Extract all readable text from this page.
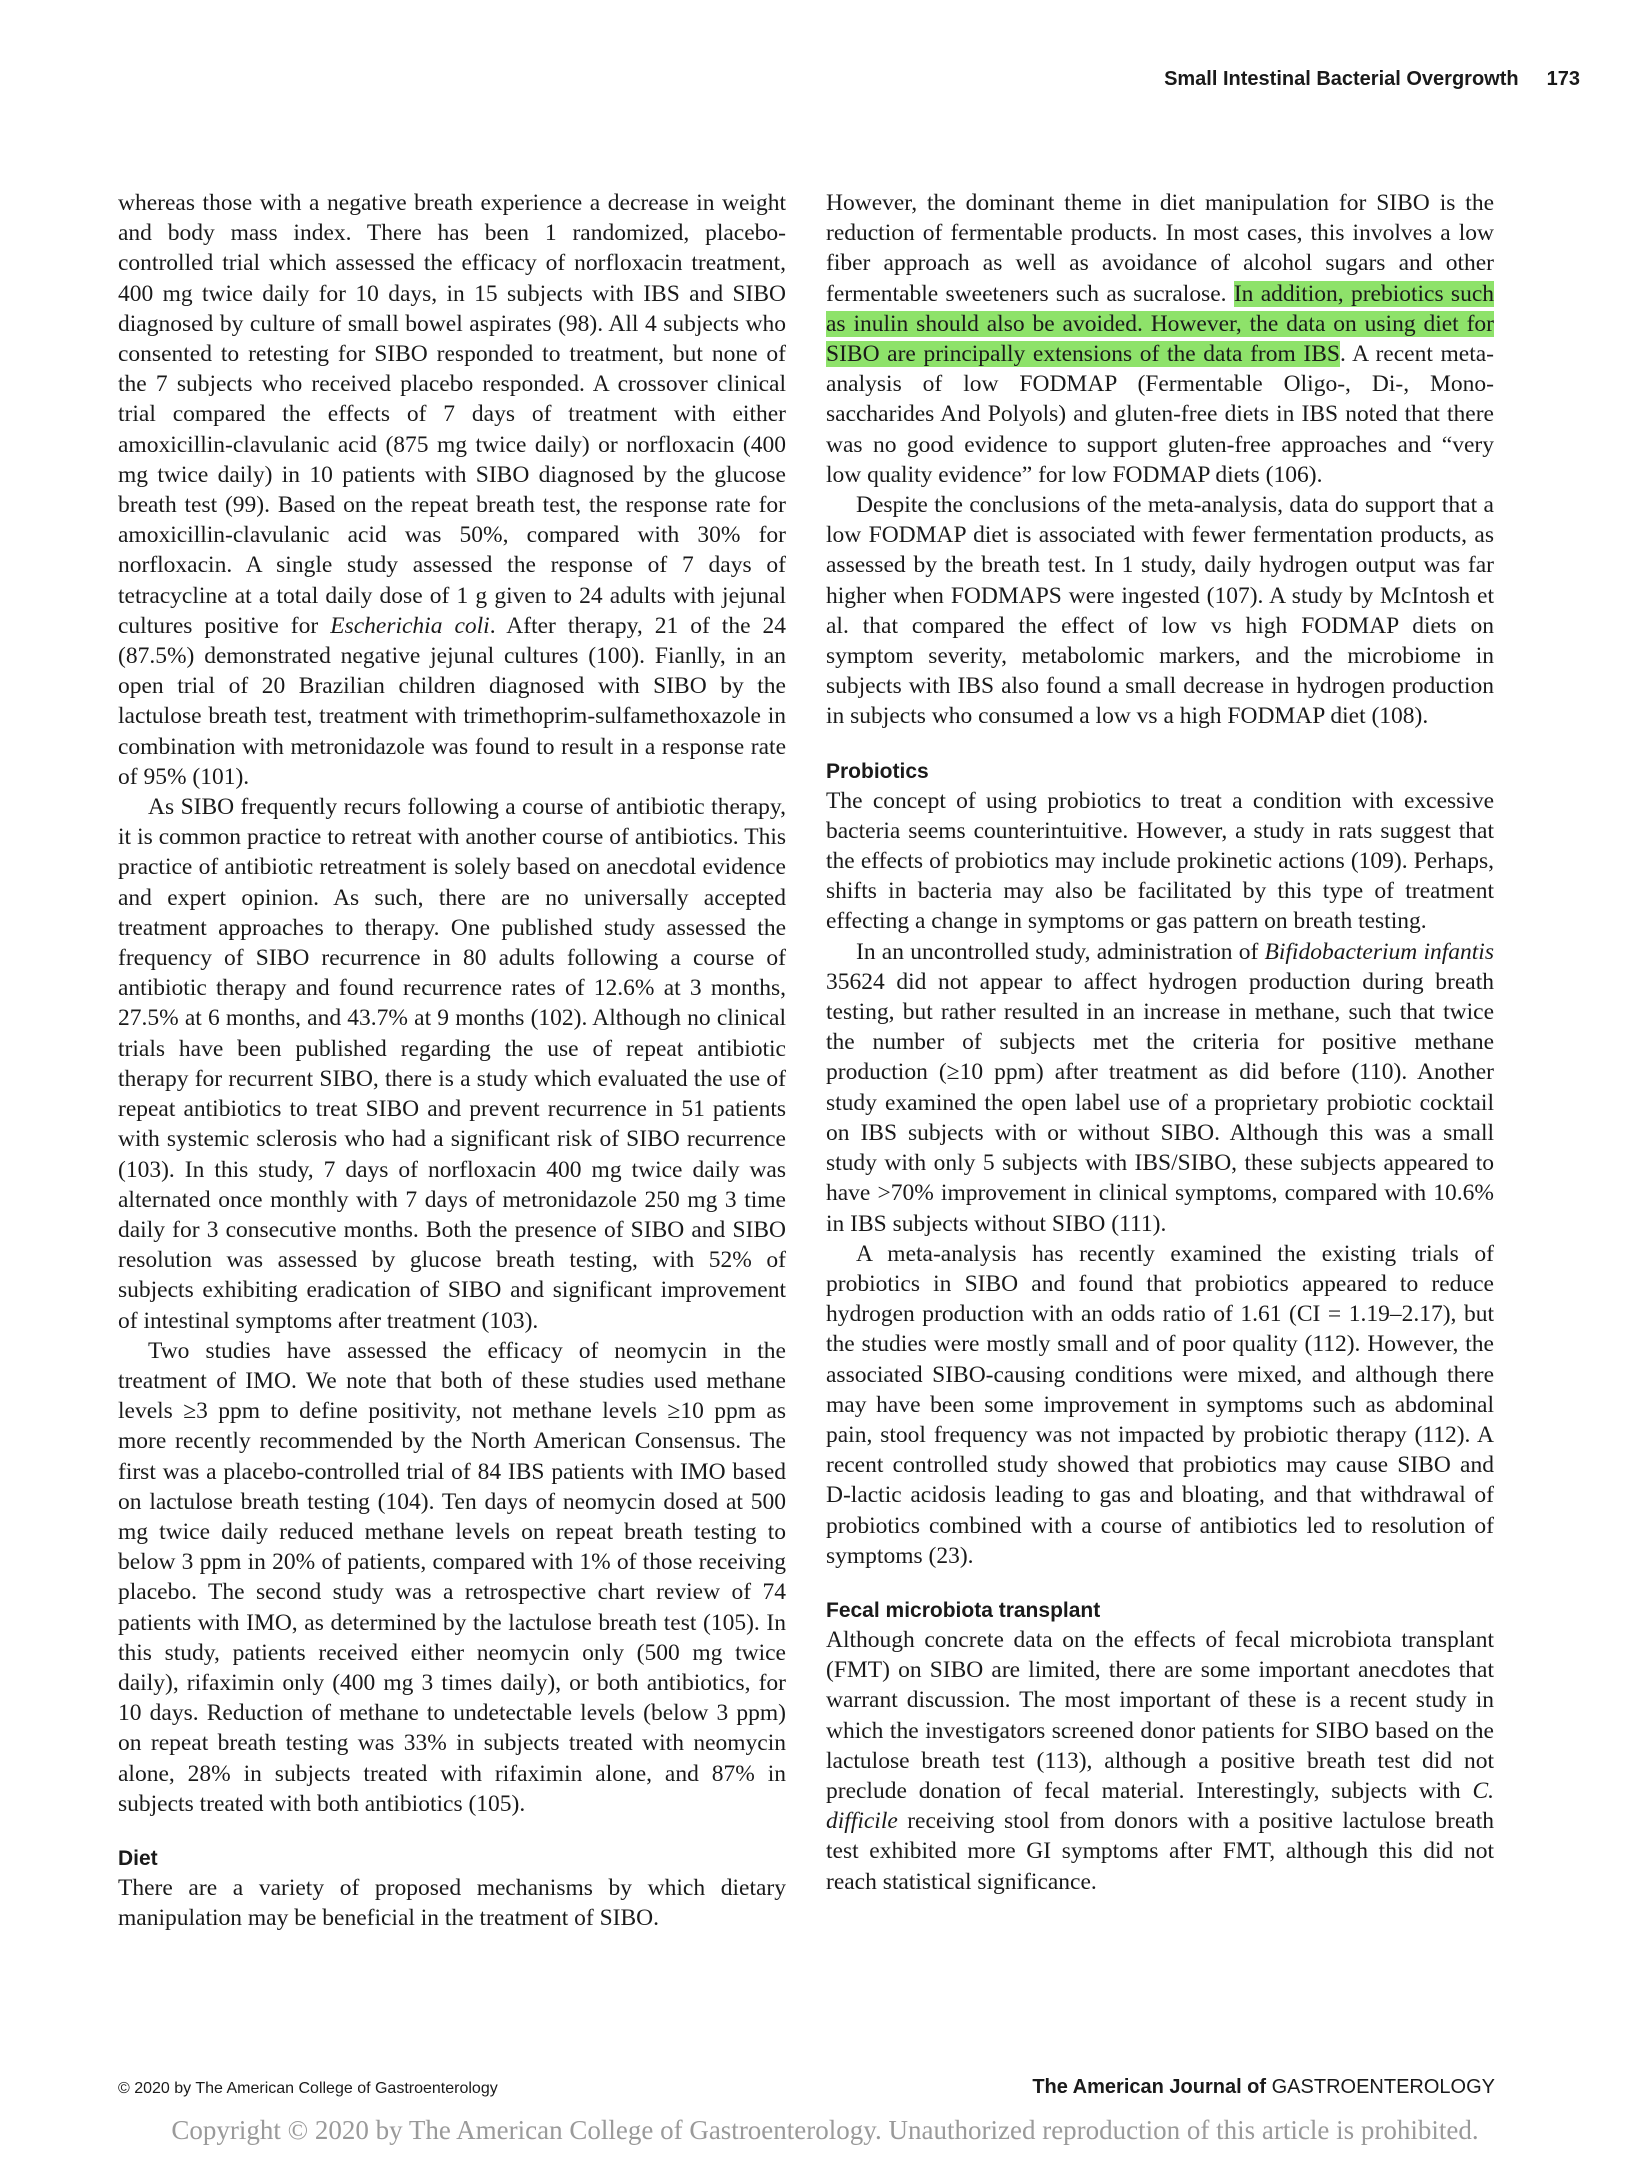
Small Intestinal Bacterial Overgrowth 173

whereas those with a negative breath experience a decrease in weight and body mass index. There has been 1 randomized, placebo-controlled trial which assessed the efficacy of norfloxacin treatment, 400 mg twice daily for 10 days, in 15 subjects with IBS and SIBO diagnosed by culture of small bowel aspirates (98). All 4 subjects who consented to retesting for SIBO responded to treatment, but none of the 7 subjects who received placebo responded. A crossover clinical trial compared the effects of 7 days of treatment with either amoxicillin-clavulanic acid (875 mg twice daily) or norfloxacin (400 mg twice daily) in 10 patients with SIBO diagnosed by the glucose breath test (99). Based on the repeat breath test, the response rate for amoxicillin-clavulanic acid was 50%, compared with 30% for norfloxacin. A single study assessed the response of 7 days of tetracycline at a total daily dose of 1 g given to 24 adults with jejunal cultures positive for Escherichia coli. After therapy, 21 of the 24 (87.5%) demonstrated negative jejunal cultures (100). Fianlly, in an open trial of 20 Brazilian children diagnosed with SIBO by the lactulose breath test, treatment with trimethoprim-sulfamethoxazole in combination with metronidazole was found to result in a response rate of 95% (101).

As SIBO frequently recurs following a course of antibiotic therapy, it is common practice to retreat with another course of antibiotics. This practice of antibiotic retreatment is solely based on anecdotal evidence and expert opinion. As such, there are no universally accepted treatment approaches to therapy. One published study assessed the frequency of SIBO recurrence in 80 adults following a course of antibiotic therapy and found recurrence rates of 12.6% at 3 months, 27.5% at 6 months, and 43.7% at 9 months (102). Although no clinical trials have been published regarding the use of repeat antibiotic therapy for recurrent SIBO, there is a study which evaluated the use of repeat antibiotics to treat SIBO and prevent recurrence in 51 patients with systemic sclerosis who had a significant risk of SIBO recurrence (103). In this study, 7 days of norfloxacin 400 mg twice daily was alternated once monthly with 7 days of metronidazole 250 mg 3 time daily for 3 consecutive months. Both the presence of SIBO and SIBO resolution was assessed by glucose breath testing, with 52% of subjects exhibiting eradication of SIBO and significant improvement of intestinal symptoms after treatment (103).

Two studies have assessed the efficacy of neomycin in the treatment of IMO. We note that both of these studies used methane levels ≥3 ppm to define positivity, not methane levels ≥10 ppm as more recently recommended by the North American Consensus. The first was a placebo-controlled trial of 84 IBS patients with IMO based on lactulose breath testing (104). Ten days of neomycin dosed at 500 mg twice daily reduced methane levels on repeat breath testing to below 3 ppm in 20% of patients, compared with 1% of those receiving placebo. The second study was a retrospective chart review of 74 patients with IMO, as determined by the lactulose breath test (105). In this study, patients received either neomycin only (500 mg twice daily), rifaximin only (400 mg 3 times daily), or both antibiotics, for 10 days. Reduction of methane to undetectable levels (below 3 ppm) on repeat breath testing was 33% in subjects treated with neomycin alone, 28% in subjects treated with rifaximin alone, and 87% in subjects treated with both antibiotics (105).

Diet

There are a variety of proposed mechanisms by which dietary manipulation may be beneficial in the treatment of SIBO.

However, the dominant theme in diet manipulation for SIBO is the reduction of fermentable products. In most cases, this involves a low fiber approach as well as avoidance of alcohol sugars and other fermentable sweeteners such as sucralose. In addition, prebiotics such as inulin should also be avoided. However, the data on using diet for SIBO are principally extensions of the data from IBS. A recent meta-analysis of low FODMAP (Fermentable Oligo-, Di-, Mono-saccharides And Polyols) and gluten-free diets in IBS noted that there was no good evidence to support gluten-free approaches and “very low quality evidence” for low FODMAP diets (106).

Despite the conclusions of the meta-analysis, data do support that a low FODMAP diet is associated with fewer fermentation products, as assessed by the breath test. In 1 study, daily hydrogen output was far higher when FODMAPS were ingested (107). A study by McIntosh et al. that compared the effect of low vs high FODMAP diets on symptom severity, metabolomic markers, and the microbiome in subjects with IBS also found a small decrease in hydrogen production in subjects who consumed a low vs a high FODMAP diet (108).

Probiotics

The concept of using probiotics to treat a condition with excessive bacteria seems counterintuitive. However, a study in rats suggest that the effects of probiotics may include prokinetic actions (109). Perhaps, shifts in bacteria may also be facilitated by this type of treatment effecting a change in symptoms or gas pattern on breath testing.

In an uncontrolled study, administration of Bifidobacterium infantis 35624 did not appear to affect hydrogen production during breath testing, but rather resulted in an increase in methane, such that twice the number of subjects met the criteria for positive methane production (≥10 ppm) after treatment as did before (110). Another study examined the open label use of a proprietary probiotic cocktail on IBS subjects with or without SIBO. Although this was a small study with only 5 subjects with IBS/SIBO, these subjects appeared to have >70% improvement in clinical symptoms, compared with 10.6% in IBS subjects without SIBO (111).

A meta-analysis has recently examined the existing trials of probiotics in SIBO and found that probiotics appeared to reduce hydrogen production with an odds ratio of 1.61 (CI = 1.19–2.17), but the studies were mostly small and of poor quality (112). However, the associated SIBO-causing conditions were mixed, and although there may have been some improvement in symptoms such as abdominal pain, stool frequency was not impacted by probiotic therapy (112). A recent controlled study showed that probiotics may cause SIBO and D-lactic acidosis leading to gas and bloating, and that withdrawal of probiotics combined with a course of antibiotics led to resolution of symptoms (23).

Fecal microbiota transplant

Although concrete data on the effects of fecal microbiota transplant (FMT) on SIBO are limited, there are some important anecdotes that warrant discussion. The most important of these is a recent study in which the investigators screened donor patients for SIBO based on the lactulose breath test (113), although a positive breath test did not preclude donation of fecal material. Interestingly, subjects with C. difficile receiving stool from donors with a positive lactulose breath test exhibited more GI symptoms after FMT, although this did not reach statistical significance.

© 2020 by The American College of Gastroenterology	The American Journal of GASTROENTEROLOGY
Copyright © 2020 by The American College of Gastroenterology. Unauthorized reproduction of this article is prohibited.
